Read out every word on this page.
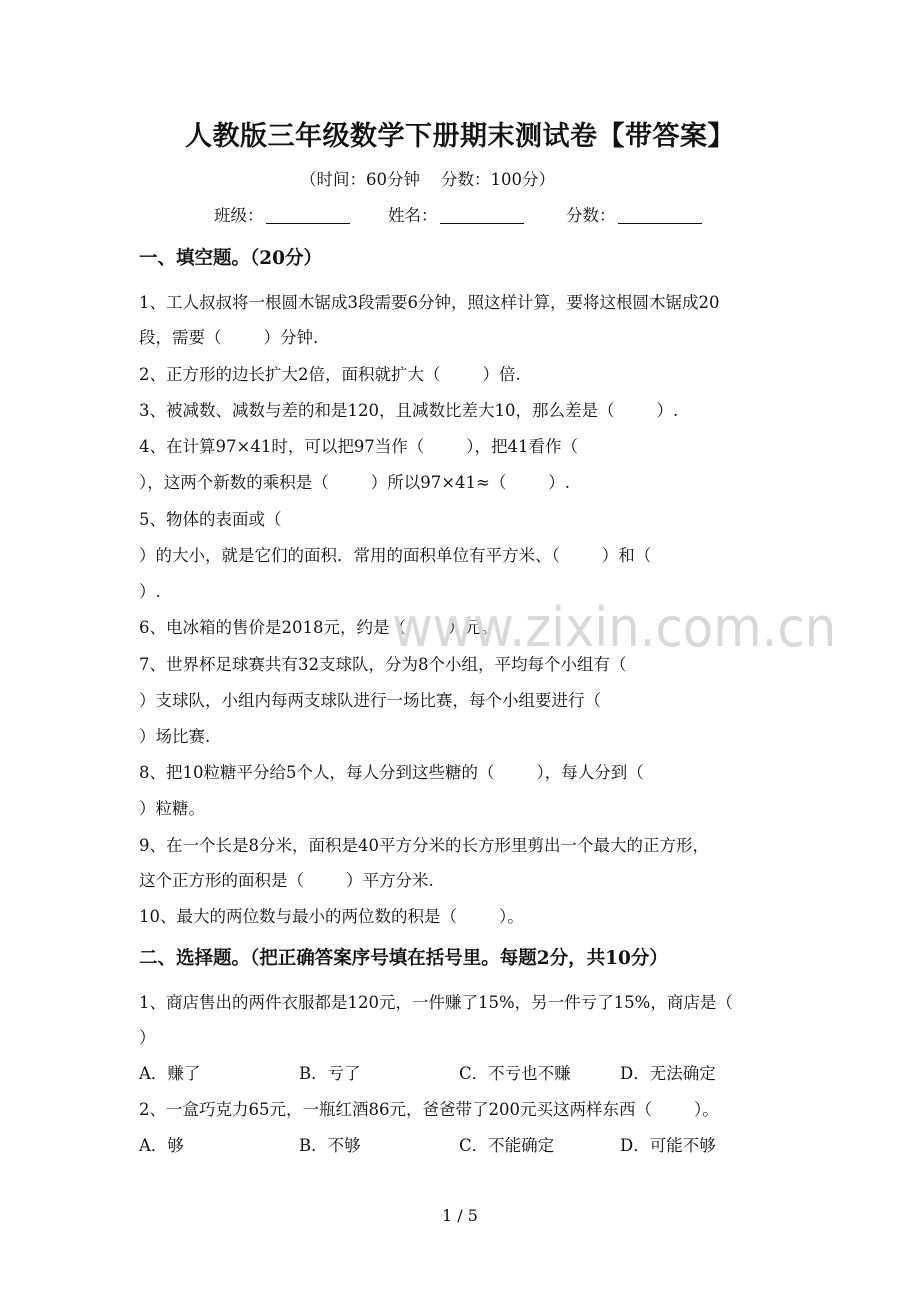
人教版三年级数学下册期末测试卷【带答案】
（时间：60分钟    分数：100分）
班级：	姓名：	分数：
一、填空题。（20分）
1、工人叔叔将一根圆木锯成3段需要6分钟，照这样计算，要将这根圆木锯成20
段，需要（        ）分钟.
2、正方形的边长扩大2倍，面积就扩大（        ）倍.
3、被减数、减数与差的和是120，且减数比差大10，那么差是（        ）.
4、在计算97×41时，可以把97当作（        ），把41看作（
），这两个新数的乘积是（        ）所以97×41≈（        ）.
5、物体的表面或（
）的大小，就是它们的面积．常用的面积单位有平方米、（        ）和（
）.
6、电冰箱的售价是2018元，约是（        ）元。
7、世界杯足球赛共有32支球队，分为8个小组，平均每个小组有（
）支球队，小组内每两支球队进行一场比赛，每个小组要进行（
）场比赛.
8、把10粒糖平分给5个人，每人分到这些糖的（        ），每人分到（
）粒糖。
9、在一个长是8分米，面积是40平方分米的长方形里剪出一个最大的正方形，
这个正方形的面积是（        ）平方分米.
10、最大的两位数与最小的两位数的积是（        ）。
二、选择题。（把正确答案序号填在括号里。每题2分，共10分）
1、商店售出的两件衣服都是120元，一件赚了15%，另一件亏了15%，商店是（
）
A．赚了	B．亏了	C．不亏也不赚	D．无法确定
2、一盒巧克力65元，一瓶红酒86元，爸爸带了200元买这两样东西（        ）。
A．够	B．不够	C．不能确定	D．可能不够
www.zixin.com.cn
1 / 5
